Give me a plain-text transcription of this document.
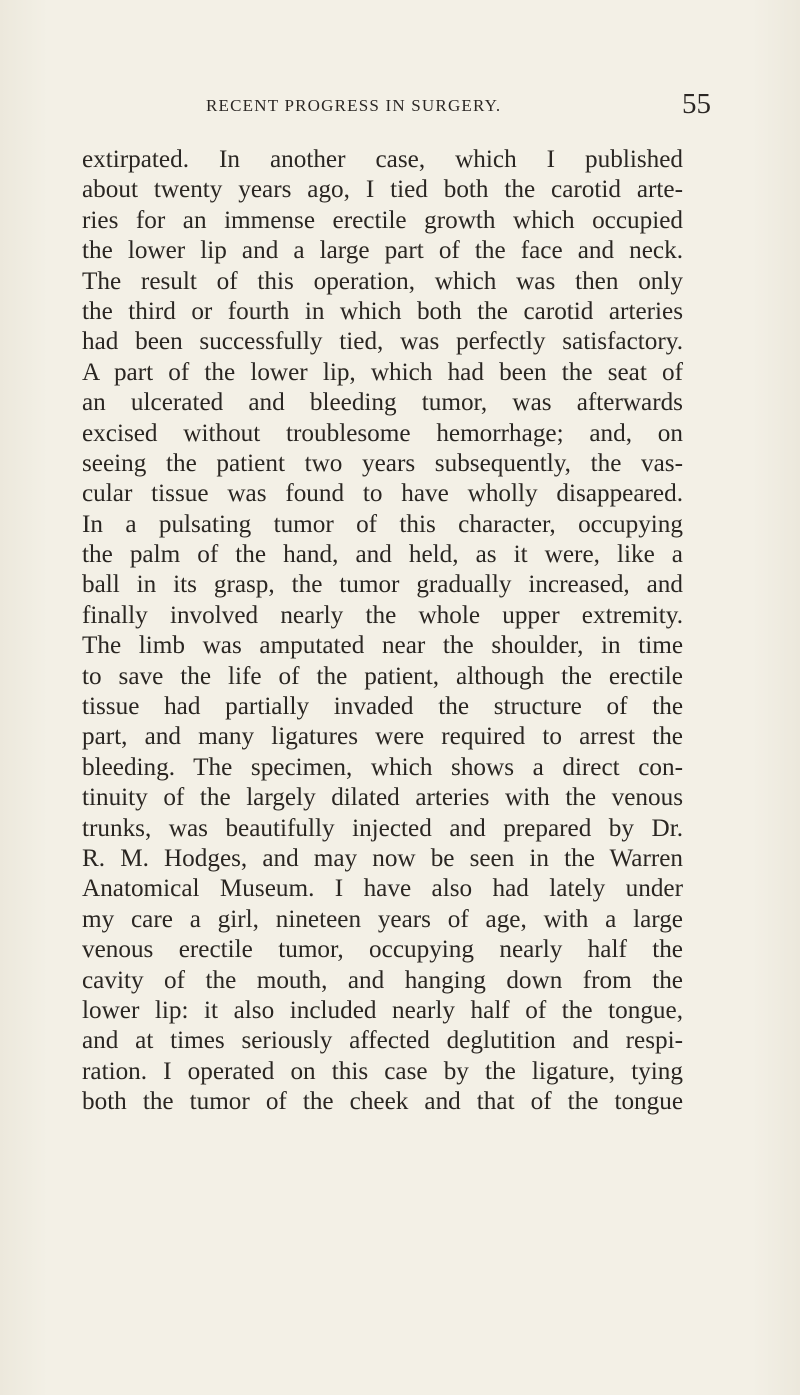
RECENT PROGRESS IN SURGERY.	55
extirpated. In another case, which I published
about twenty years ago, I tied both the carotid arte-
ries for an immense erectile growth which occupied
the lower lip and a large part of the face and neck.
The result of this operation, which was then only
the third or fourth in which both the carotid arteries
had been successfully tied, was perfectly satisfactory.
A part of the lower lip, which had been the seat of
an ulcerated and bleeding tumor, was afterwards
excised without troublesome hemorrhage; and, on
seeing the patient two years subsequently, the vas-
cular tissue was found to have wholly disappeared.
In a pulsating tumor of this character, occupying
the palm of the hand, and held, as it were, like a
ball in its grasp, the tumor gradually increased, and
finally involved nearly the whole upper extremity.
The limb was amputated near the shoulder, in time
to save the life of the patient, although the erectile
tissue had partially invaded the structure of the
part, and many ligatures were required to arrest the
bleeding. The specimen, which shows a direct con-
tinuity of the largely dilated arteries with the venous
trunks, was beautifully injected and prepared by Dr.
R. M. Hodges, and may now be seen in the Warren
Anatomical Museum. I have also had lately under
my care a girl, nineteen years of age, with a large
venous erectile tumor, occupying nearly half the
cavity of the mouth, and hanging down from the
lower lip: it also included nearly half of the tongue,
and at times seriously affected deglutition and respi-
ration. I operated on this case by the ligature, tying
both the tumor of the cheek and that of the tongue
